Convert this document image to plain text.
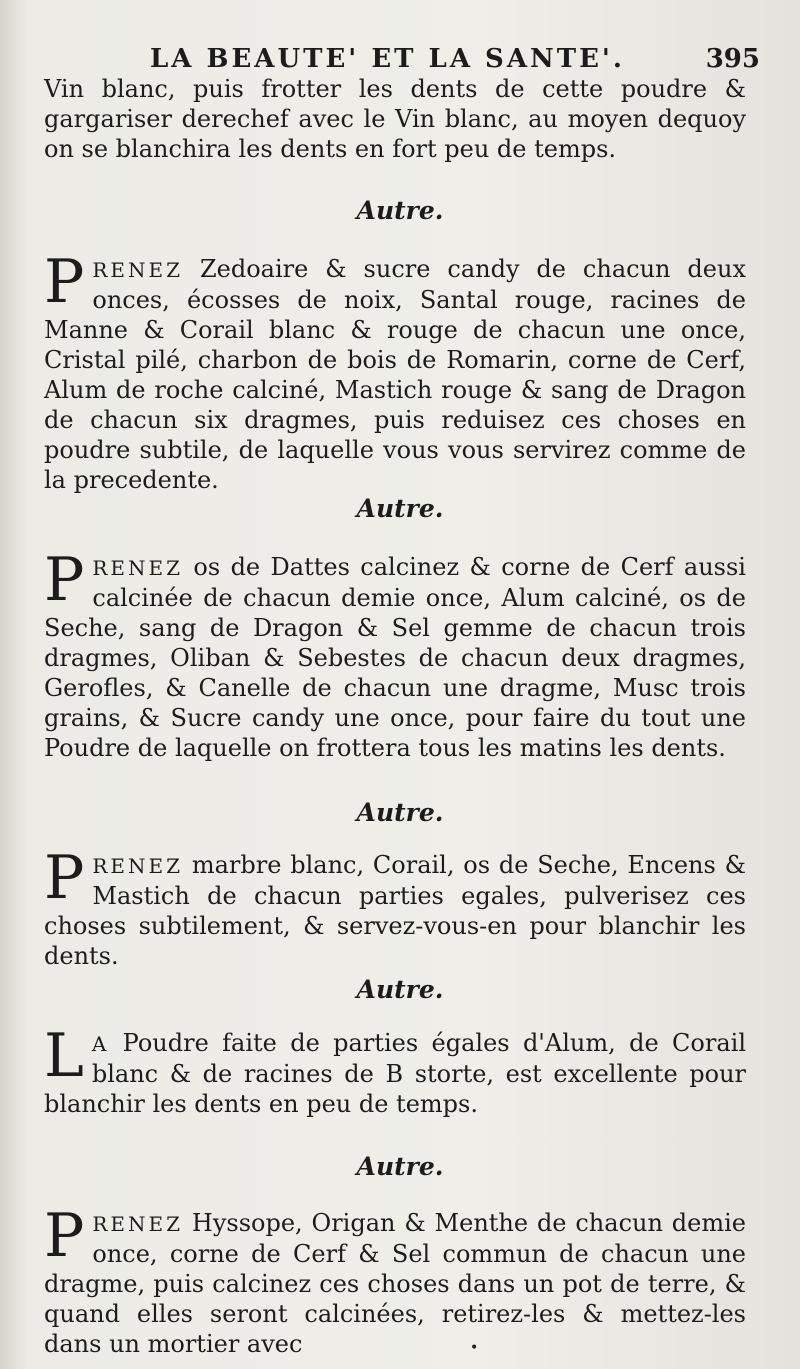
LA BEAUTE' ET LA SANTE'.	395
Vin blanc, puis frotter les dents de cette poudre & gargariser derechef avec le Vin blanc, au moyen dequoy on se blanchira les dents en fort peu de temps.
Autre.
P RENEZ Zedoaire & sucre candy de chacun deux onces, écosses de noix, Santal rouge, racines de Manne & Corail blanc & rouge de chacun une once, Cristal pilé, charbon de bois de Romarin, corne de Cerf, Alum de roche calciné, Mastich rouge & sang de Dragon de chacun six dragmes, puis reduisez ces choses en poudre subtile, de laquelle vous vous servirez comme de la precedente.
Autre.
P RENEZ os de Dattes calcinez & corne de Cerf aussi calcinée de chacun demie once, Alum calciné, os de Seche, sang de Dragon & Sel gemme de chacun trois dragmes, Oliban & Sebestes de chacun deux dragmes, Gerofles, & Canelle de chacun une dragme, Musc trois grains, & Sucre candy une once, pour faire du tout une Poudre de laquelle on frottera tous les matins les dents.
Autre.
P RENEZ marbre blanc, Corail, os de Seche, Encens & Mastich de chacun parties egales, pulverisez ces choses subtilement, & servez-vous-en pour blanchir les dents.
Autre.
L A Poudre faite de parties égales d'Alum, de Corail blanc & de racines de B storte, est excellente pour blanchir les dents en peu de temps.
Autre.
P RENEZ Hyssope, Origan & Menthe de chacun demie once, corne de Cerf & Sel commun de chacun une dragme, puis calcinez ces choses dans un pot de terre, & quand elles seront calcinées, retirez-les & mettez-les dans un mortier avec	•
